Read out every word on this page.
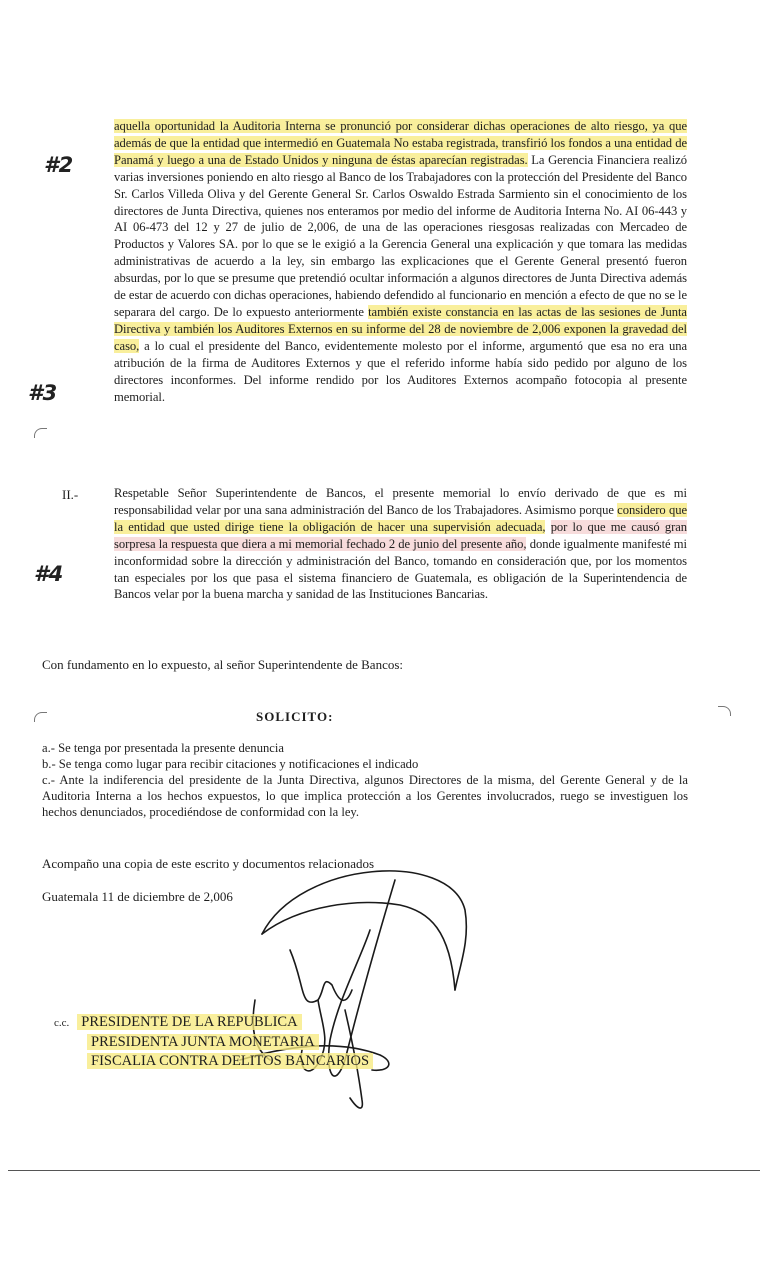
#2
#3
#4

aquella oportunidad la Auditoria Interna se pronunció por considerar dichas operaciones de alto riesgo, ya que además de que la entidad que intermedió en Guatemala No estaba registrada, transfirió los fondos a una entidad de Panamá y luego a una de Estado Unidos y ninguna de éstas aparecían registradas. La Gerencia Financiera realizó varias inversiones poniendo en alto riesgo al Banco de los Trabajadores con la protección del Presidente del Banco Sr. Carlos Villeda Oliva y del Gerente General Sr. Carlos Oswaldo Estrada Sarmiento sin el conocimiento de los directores de Junta Directiva, quienes nos enteramos por medio del informe de Auditoria Interna No. AI 06-443 y AI 06-473 del 12 y 27 de julio de 2,006, de una de las operaciones riesgosas realizadas con Mercadeo de Productos y Valores SA. por lo que se le exigió a la Gerencia General una explicación y que tomara las medidas administrativas de acuerdo a la ley, sin embargo las explicaciones que el Gerente General presentó fueron absurdas, por lo que se presume que pretendió ocultar información a algunos directores de Junta Directiva además de estar de acuerdo con dichas operaciones, habiendo defendido al funcionario en mención a efecto de que no se le separara del cargo. De lo expuesto anteriormente también existe constancia en las actas de las sesiones de Junta Directiva y también los Auditores Externos en su informe del 28 de noviembre de 2,006 exponen la gravedad del caso, a lo cual el presidente del Banco, evidentemente molesto por el informe, argumentó que esa no era una atribución de la firma de Auditores Externos y que el referido informe había sido pedido por alguno de los directores inconformes. Del informe rendido por los Auditores Externos acompaño fotocopia al presente memorial.

II.-	Respetable Señor Superintendente de Bancos, el presente memorial lo envío derivado de que es mi responsabilidad velar por una sana administración del Banco de los Trabajadores. Asimismo porque considero que la entidad que usted dirige tiene la obligación de hacer una supervisión adecuada, por lo que me causó gran sorpresa la respuesta que diera a mi memorial fechado 2 de junio del presente año, donde igualmente manifesté mi inconformidad sobre la dirección y administración del Banco, tomando en consideración que, por los momentos tan especiales por los que pasa el sistema financiero de Guatemala, es obligación de la Superintendencia de Bancos velar por la buena marcha y sanidad de las Instituciones Bancarias.

Con fundamento en lo expuesto, al señor Superintendente de Bancos:
SOLICITO:
a.- Se tenga por presentada la presente denuncia
b.- Se tenga como lugar para recibir citaciones y notificaciones el indicado
c.- Ante la indiferencia del presidente de la Junta Directiva, algunos Directores de la misma, del Gerente General y de la Auditoria Interna a los hechos expuestos, lo que implica protección a los Gerentes involucrados, ruego se investiguen los hechos denunciados, procediéndose de conformidad con la ley.
Acompaño una copia de este escrito y documentos relacionados
Guatemala 11 de diciembre de 2,006
c.c. PRESIDENTE DE LA REPUBLICA
PRESIDENTA JUNTA MONETARIA
FISCALIA CONTRA DELITOS BANCARIOS
